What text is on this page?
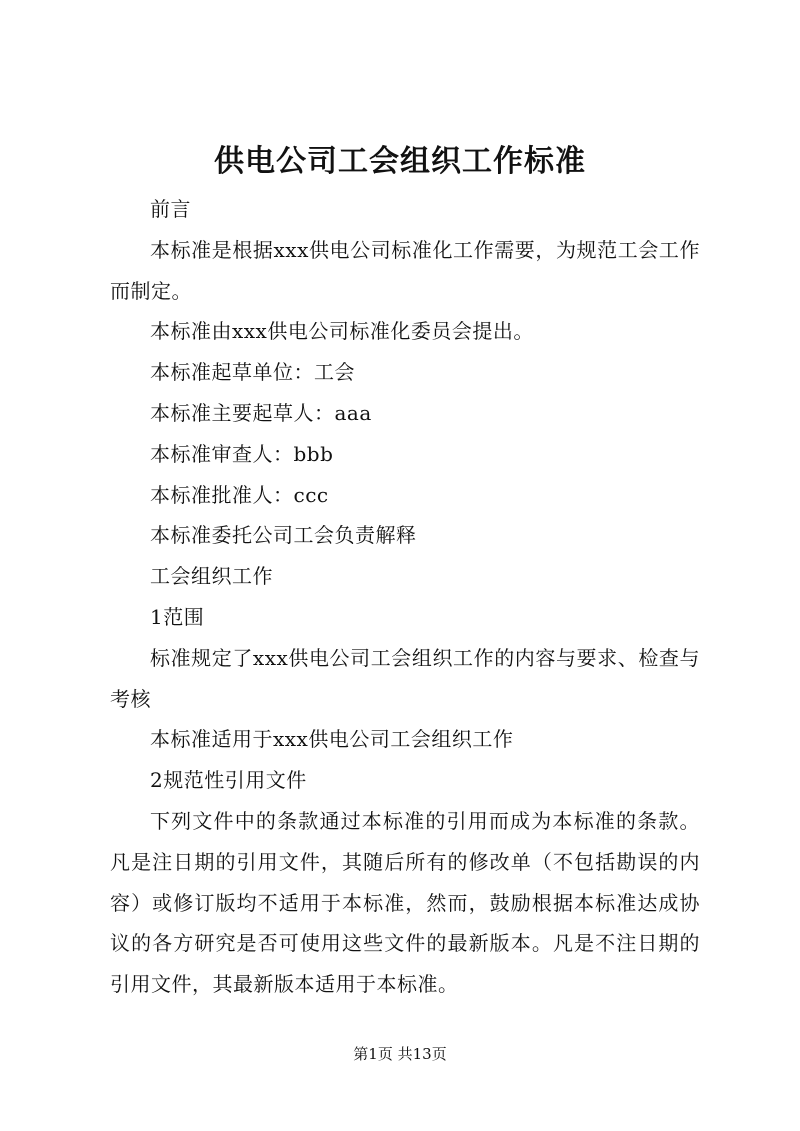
供电公司工会组织工作标准

前言

本标准是根据xxx供电公司标准化工作需要，为规范工会工作而制定。

本标准由xxx供电公司标准化委员会提出。

本标准起草单位：工会

本标准主要起草人：aaa

本标准审查人：bbb

本标准批准人：ccc

本标准委托公司工会负责解释

工会组织工作

1范围

标准规定了xxx供电公司工会组织工作的内容与要求、检查与考核

本标准适用于xxx供电公司工会组织工作

2规范性引用文件

下列文件中的条款通过本标准的引用而成为本标准的条款。凡是注日期的引用文件，其随后所有的修改单（不包括勘误的内容）或修订版均不适用于本标准，然而，鼓励根据本标准达成协议的各方研究是否可使用这些文件的最新版本。凡是不注日期的引用文件，其最新版本适用于本标准。

第1页 共13页
